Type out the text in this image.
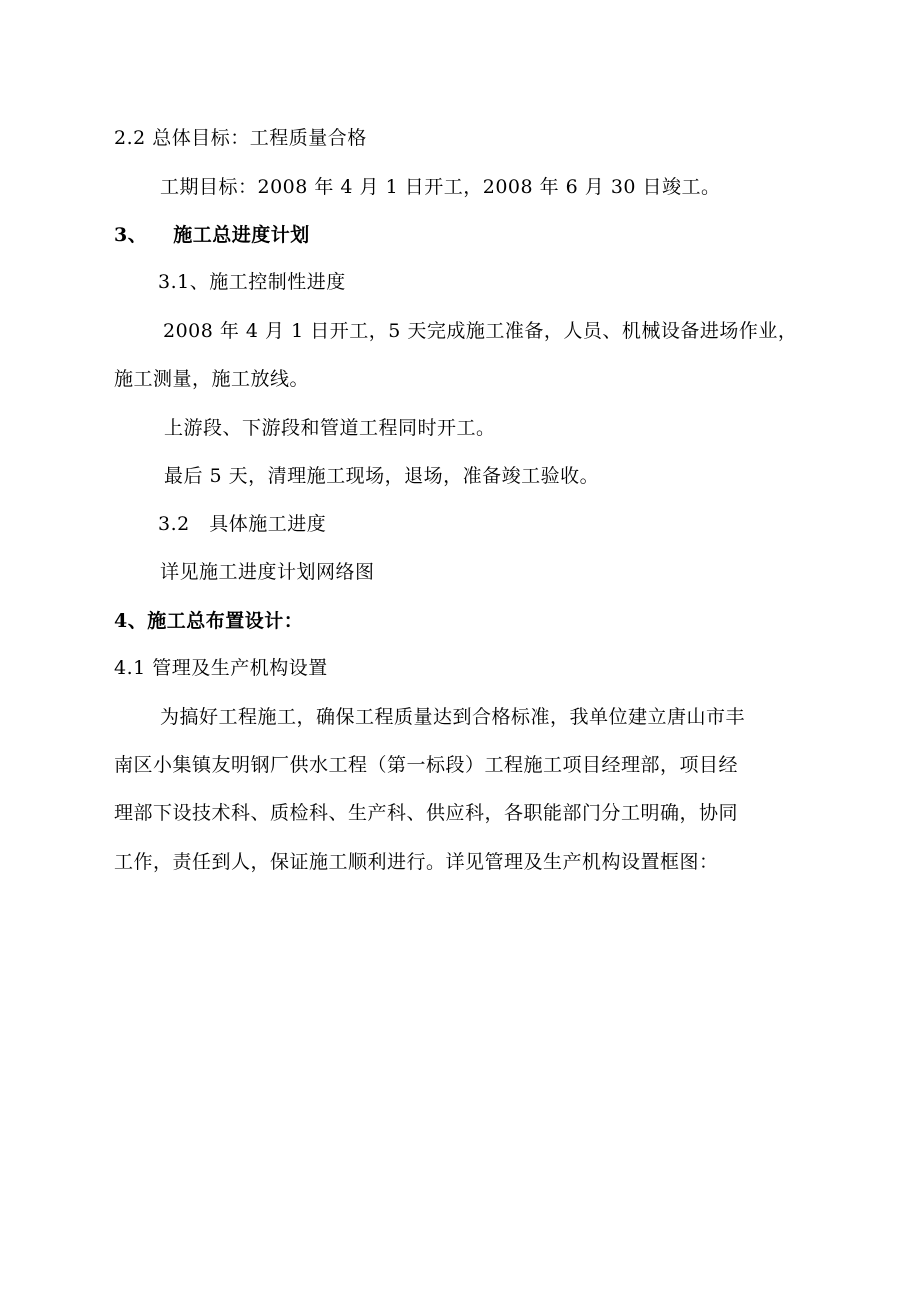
2.2 总体目标：工程质量合格
工期目标：2008 年 4 月 1 日开工，2008 年 6 月 30 日竣工。
3、 施工总进度计划
3.1、施工控制性进度
2008 年 4 月 1 日开工，5 天完成施工准备，人员、机械设备进场作业，
施工测量，施工放线。
上游段、下游段和管道工程同时开工。
最后 5 天，清理施工现场，退场，准备竣工验收。
3.2　具体施工进度
详见施工进度计划网络图
4、施工总布置设计：
4.1 管理及生产机构设置
为搞好工程施工，确保工程质量达到合格标准，我单位建立唐山市丰
南区小集镇友明钢厂供水工程（第一标段）工程施工项目经理部，项目经
理部下设技术科、质检科、生产科、供应科，各职能部门分工明确，协同
工作，责任到人，保证施工顺利进行。详见管理及生产机构设置框图：
